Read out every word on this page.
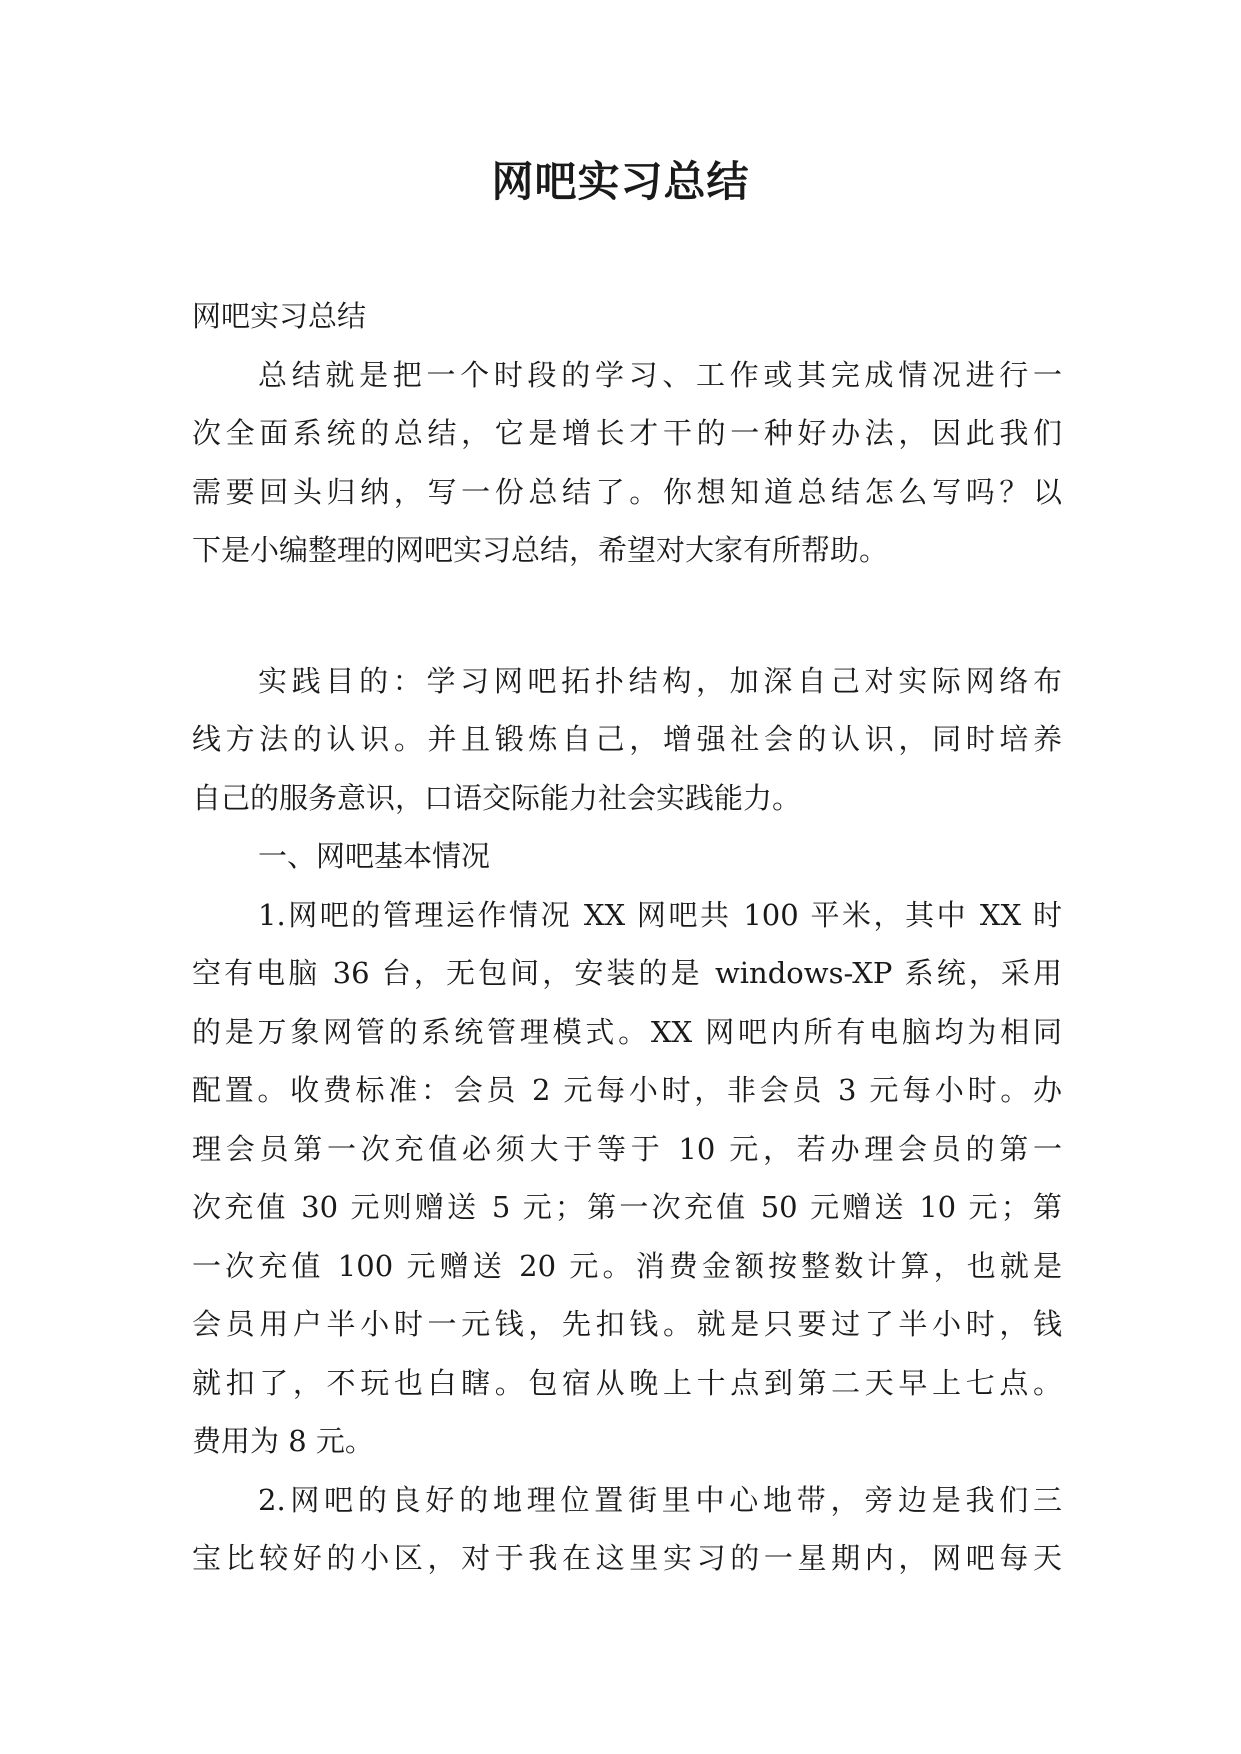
网吧实习总结
网吧实习总结
总结就是把一个时段的学习、工作或其完成情况进行一
次全面系统的总结，它是增长才干的一种好办法，因此我们
需要回头归纳，写一份总结了。你想知道总结怎么写吗？以
下是小编整理的网吧实习总结，希望对大家有所帮助。
实践目的：学习网吧拓扑结构，加深自己对实际网络布
线方法的认识。并且锻炼自己，增强社会的认识，同时培养
自己的服务意识，口语交际能力社会实践能力。
一、网吧基本情况
1.网吧的管理运作情况 XX 网吧共 100 平米，其中 XX 时
空有电脑 36 台，无包间，安装的是 windows-XP 系统，采用
的是万象网管的系统管理模式。XX 网吧内所有电脑均为相同
配置。收费标准：会员 2 元每小时，非会员 3 元每小时。办
理会员第一次充值必须大于等于 10 元，若办理会员的第一
次充值 30 元则赠送 5 元；第一次充值 50 元赠送 10 元；第
一次充值 100 元赠送 20 元。消费金额按整数计算，也就是
会员用户半小时一元钱，先扣钱。就是只要过了半小时，钱
就扣了，不玩也白瞎。包宿从晚上十点到第二天早上七点。
费用为 8 元。
2.网吧的良好的地理位置街里中心地带，旁边是我们三
宝比较好的小区，对于我在这里实习的一星期内，网吧每天
